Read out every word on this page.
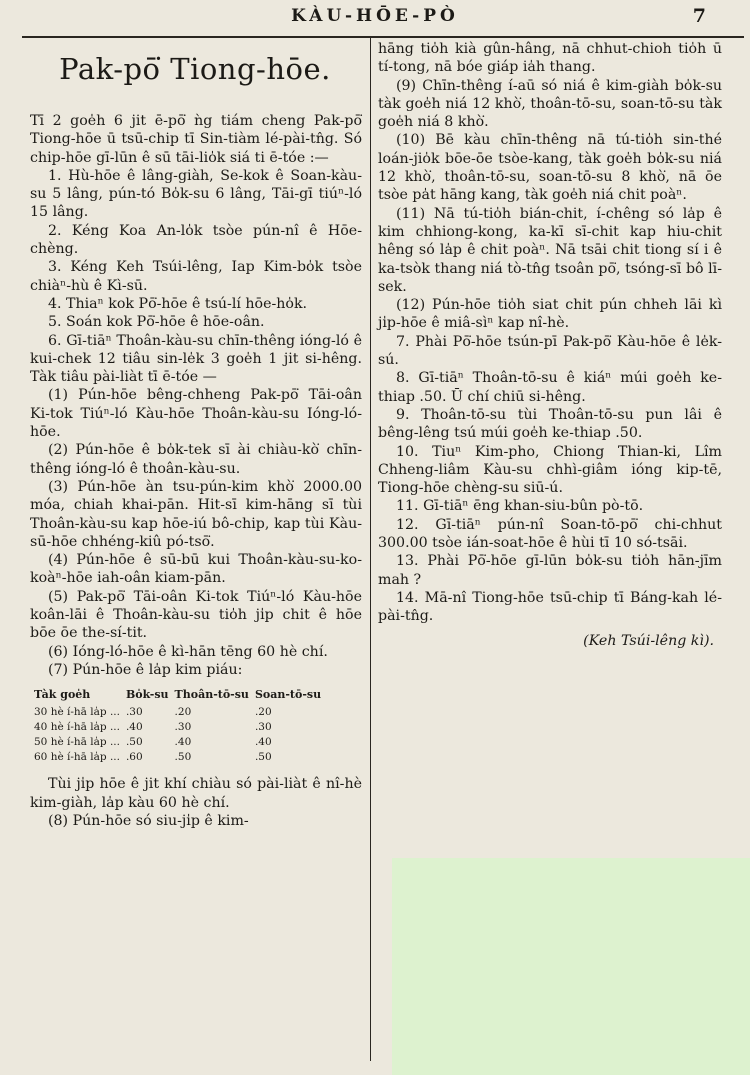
KÀU-HŌE-PÒ	7
Pak-pō͘ Tiong-hōe.

Tī 2 goe̍h 6 jit ē-pō͘ ǹg tiám cheng Pak-pō͘ Tiong-hōe ū tsū-chip tī Sin-tiàm lé-pài-tn̂g. Só chip-hōe gī-lūn ê sū tāi-lio̍k siá ti ē-tóe :—

1. Hù-hōe ê lâng-giàh, Se-kok ê Soan-kàu-su 5 lâng, pún-tó Bo̍k-su 6 lâng, Tāi-gī tiúⁿ-ló 15 lâng.

2. Kéng Koa An-lo̍k tsòe pún-nî ê Hōe-chèng.

3. Kéng Keh Tsúi-lêng, Iap Kim-bo̍k tsòe chiàⁿ-hù ê Kì-sū.

4. Thiaⁿ kok Pō͘-hōe ê tsú-lí hōe-ho̍k.

5. Soán kok Pō͘-hōe ê hōe-oân.

6. Gī-tiāⁿ Thoân-kàu-su chīn-thêng ióng-ló ê kui-chek 12 tiâu sin-le̍k 3 goe̍h 1 jit si-hêng. Tàk tiâu pài-liàt tī ē-tóe —

(1) Pún-hōe bêng-chheng Pak-pō͘ Tāi-oân Ki-tok Tiúⁿ-ló Kàu-hōe Thoân-kàu-su Ióng-ló-hōe.

(2) Pún-hōe ê bo̍k-tek sī ài chiàu-kò͘ chīn-thêng ióng-ló ê thoân-kàu-su.

(3) Pún-hōe àn tsu-pún-kim khò͘ 2000.00 móa, chiah khai-pān. Hit-sī kim-hāng sī tùi Thoân-kàu-su kap hōe-iú bô-chip, kap tùi Kàu-sū-hōe chhéng-kiû pó-tsō͘.

(4) Pún-hōe ê sū-bū kui Thoân-kàu-su-ko-koàⁿ-hōe iah-oân kiam-pān.

(5) Pak-pō͘ Tāi-oân Ki-tok Tiúⁿ-ló Kàu-hōe koân-lāi ê Thoân-kàu-su tio̍h ji̍p chit ê hōe bōe ōe the-sí-tit.

(6) Ióng-ló-hōe ê kì-hān tēng 60 hè chí.

(7) Pún-hōe ê la̍p kim piáu:

Tàk goe̍h	Bo̍k-su	Thoân-tō-su	Soan-tō-su
30 hè í-hā la̍p ...	.30	.20	.20
40 hè í-hā la̍p ...	.40	.30	.30
50 hè í-hā la̍p ...	.50	.40	.40
60 hè í-hā la̍p ...	.60	.50	.50

Tùi ji̍p hōe ê jit khí chiàu só pài-liàt ê nî-hè kim-giàh, la̍p kàu 60 hè chí.

(8) Pún-hōe só siu-ji̍p ê kim-

hāng tio̍h kià gûn-hâng, nā chhut-chioh tio̍h ū tí-tong, nā bóe giáp ia̍h thang.

(9) Chīn-thêng í-aū só niá ê kim-giàh bo̍k-su tàk goe̍h niá 12 khò͘, thoân-tō-su, soan-tō-su tàk goe̍h niá 8 khò͘.

(10) Bē kàu chīn-thêng nā tú-tio̍h sin-thé loán-jio̍k bōe-ōe tsòe-kang, tàk goe̍h bo̍k-su niá 12 khò͘, thoân-tō-su, soan-tō-su 8 khò͘, nā ōe tsòe pa̍t hāng kang, tàk goe̍h niá chit poàⁿ.

(11) Nā tú-tio̍h bián-chit, í-chêng só la̍p ê kim chhiong-kong, ka-kī sī-chit kap hiu-chit hêng só la̍p ê chit poàⁿ. Nā tsāi chit tiong sí i ê ka-tsòk thang niá tò-tn̂g tsoân pō͘, tsóng-sī bô lī-sek.

(12) Pún-hōe tio̍h siat chit pún chheh lāi kì ji̍p-hōe ê miâ-sìⁿ kap nî-hè.

7. Phài Pō͘-hōe tsún-pī Pak-pō͘ Kàu-hōe ê le̍k-sú.

8. Gī-tiāⁿ Thoân-tō-su ê kiáⁿ múi goe̍h ke-thiap .50. Ū chí chiū si-hêng.

9. Thoân-tō-su tùi Thoân-tō-su pun lâi ê bêng-lêng tsú múi goe̍h ke-thiap .50.

10. Tiuⁿ Kim-pho, Chiong Thian-ki, Lîm Chheng-liâm Kàu-su chhì-giâm ióng kip-tē, Tiong-hōe chèng-su siū-ú.

11. Gī-tiāⁿ ēng khan-siu-bûn pò-tō.

12. Gī-tiāⁿ pún-nî Soan-tō-pō͘ chi-chhut 300.00 tsòe ián-soat-hōe ê hùi tī 10 só-tsāi.

13. Phài Pō͘-hōe gī-lūn bo̍k-su tio̍h hān-jīm mah ?

14. Mā-nî Tiong-hōe tsū-chip tī Báng-kah lé-pài-tn̂g.

(Keh Tsúi-lêng kì).
